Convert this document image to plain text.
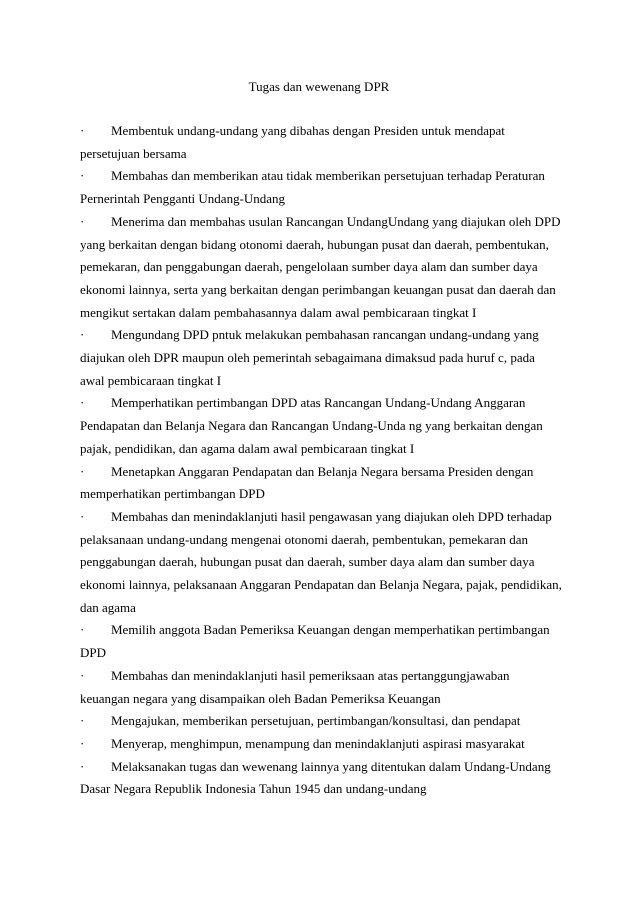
Tugas dan wewenang DPR

· Membentuk undang-undang yang dibahas dengan Presiden untuk mendapat persetujuan bersama

· Membahas dan memberikan atau tidak memberikan persetujuan terhadap Peraturan Pernerintah Pengganti Undang-Undang

· Menerima dan membahas usulan Rancangan UndangUndang yang diajukan oleh DPD yang berkaitan dengan bidang otonomi daerah, hubungan pusat dan daerah, pembentukan, pemekaran, dan penggabungan daerah, pengelolaan sumber daya alam dan sumber daya ekonomi lainnya, serta yang berkaitan dengan perimbangan keuangan pusat dan daerah dan mengikut sertakan dalam pembahasannya dalam awal pembicaraan tingkat I

· Mengundang DPD pntuk melakukan pembahasan rancangan undang-undang yang diajukan oleh DPR maupun oleh pemerintah sebagaimana dimaksud pada huruf c, pada awal pembicaraan tingkat I

· Memperhatikan pertimbangan DPD atas Rancangan Undang-Undang Anggaran Pendapatan dan Belanja Negara dan Rancangan Undang-Unda ng yang berkaitan dengan pajak, pendidikan, dan agama dalam awal pembicaraan tingkat I

· Menetapkan Anggaran Pendapatan dan Belanja Negara bersama Presiden dengan memperhatikan pertimbangan DPD

· Membahas dan menindaklanjuti hasil pengawasan yang diajukan oleh DPD terhadap pelaksanaan undang-undang mengenai otonomi daerah, pembentukan, pemekaran dan penggabungan daerah, hubungan pusat dan daerah, sumber daya alam dan sumber daya ekonomi lainnya, pelaksanaan Anggaran Pendapatan dan Belanja Negara, pajak, pendidikan, dan agama

· Memilih anggota Badan Pemeriksa Keuangan dengan memperhatikan pertimbangan DPD

· Membahas dan menindaklanjuti hasil pemeriksaan atas pertanggungjawaban keuangan negara yang disampaikan oleh Badan Pemeriksa Keuangan

· Mengajukan, memberikan persetujuan, pertimbangan/konsultasi, dan pendapat

· Menyerap, menghimpun, menampung dan menindaklanjuti aspirasi masyarakat

· Melaksanakan tugas dan wewenang lainnya yang ditentukan dalam Undang-Undang Dasar Negara Republik Indonesia Tahun 1945 dan undang-undang
